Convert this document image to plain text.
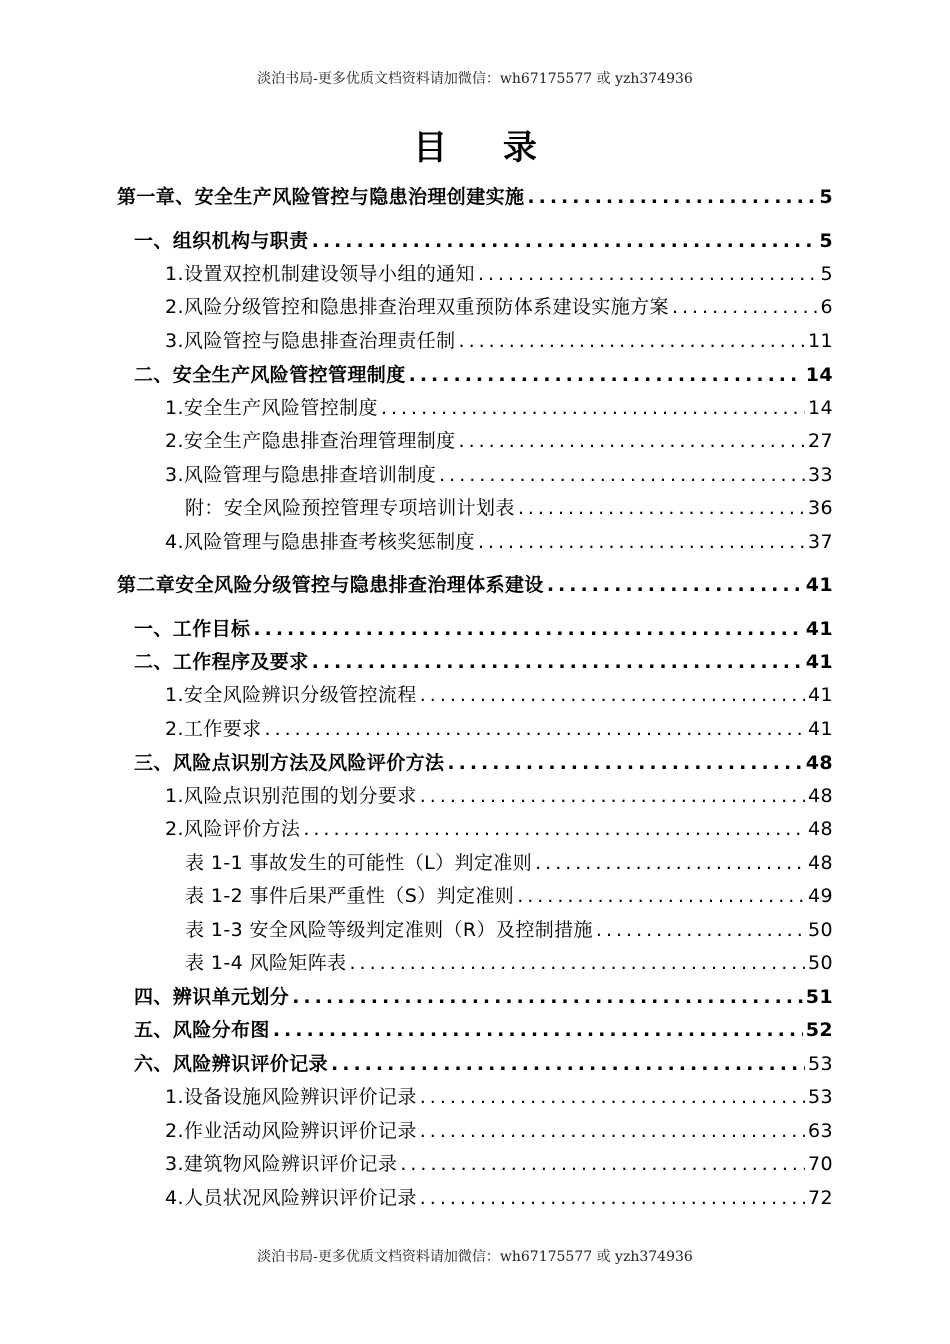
淡泊书局-更多优质文档资料请加微信：wh67175577 或 yzh374936
目 录
第一章、安全生产风险管控与隐患治理创建实施 .....	5
一、组织机构与职责 .....	5
1.设置双控机制建设领导小组的通知 .....	5
2.风险分级管控和隐患排查治理双重预防体系建设实施方案 .....	6
3.风险管控与隐患排查治理责任制 .....	11
二、安全生产风险管控管理制度 .....	14
1.安全生产风险管控制度 .....	14
2.安全生产隐患排查治理管理制度 .....	27
3.风险管理与隐患排查培训制度 .....	33
附：安全风险预控管理专项培训计划表 .....	36
4.风险管理与隐患排查考核奖惩制度 .....	37
第二章安全风险分级管控与隐患排查治理体系建设 .....	41
一、工作目标 .....	41
二、工作程序及要求 .....	41
1.安全风险辨识分级管控流程 .....	41
2.工作要求 .....	41
三、风险点识别方法及风险评价方法 .....	48
1.风险点识别范围的划分要求 .....	48
2.风险评价方法 .....	48
表 1-1 事故发生的可能性（L）判定准则 .....	48
表 1-2 事件后果严重性（S）判定准则 .....	49
表 1-3 安全风险等级判定准则（R）及控制措施 .....	50
表 1-4 风险矩阵表 .....	50
四、辨识单元划分 .....	51
五、风险分布图 .....	52
六、风险辨识评价记录 .....	53
1.设备设施风险辨识评价记录 .....	53
2.作业活动风险辨识评价记录 .....	63
3.建筑物风险辨识评价记录 .....	70
4.人员状况风险辨识评价记录 .....	72
淡泊书局-更多优质文档资料请加微信：wh67175577 或 yzh374936
